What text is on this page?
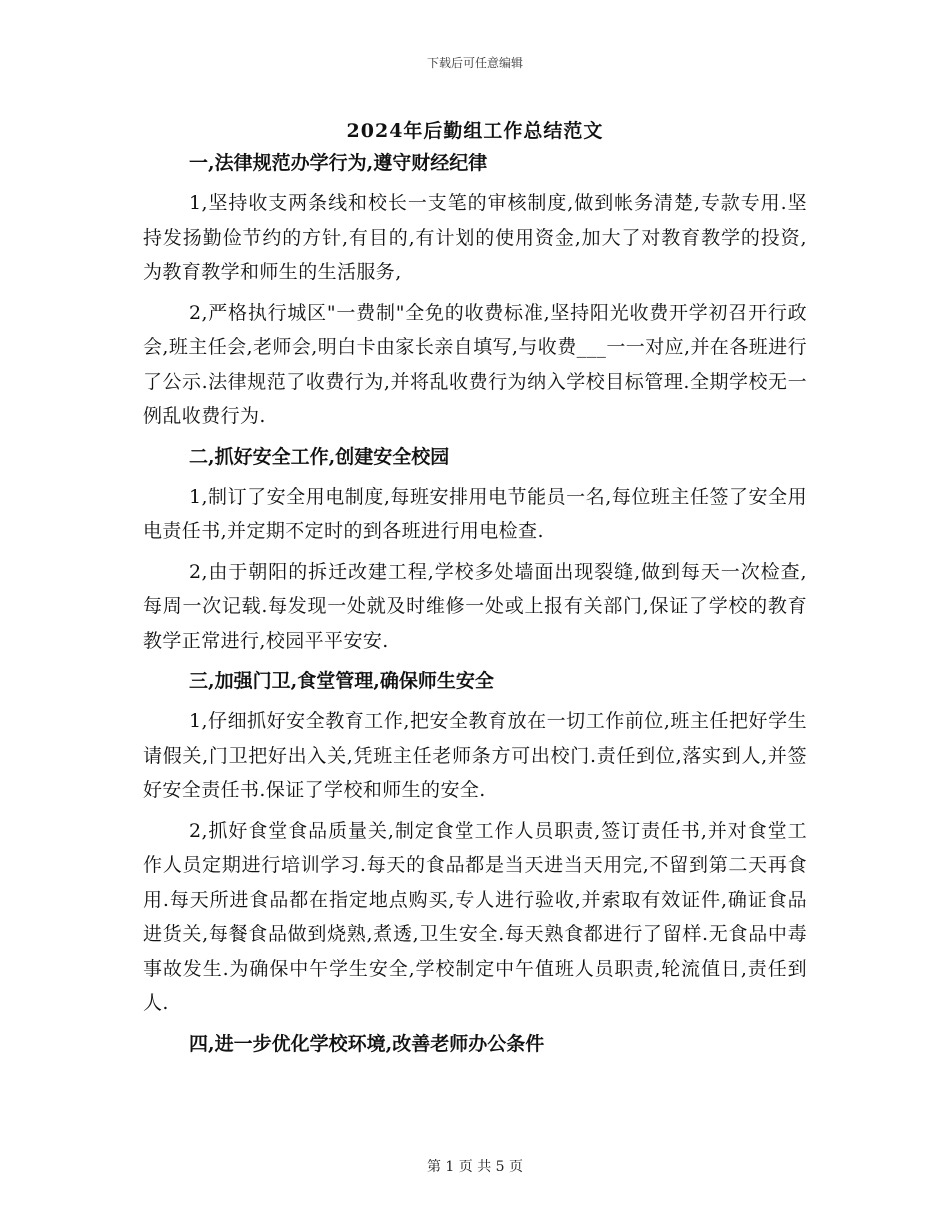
下载后可任意编辑
2024年后勤组工作总结范文
一,法律规范办学行为,遵守财经纪律

1,坚持收支两条线和校长一支笔的审核制度,做到帐务清楚,专款专用.坚持发扬勤俭节约的方针,有目的,有计划的使用资金,加大了对教育教学的投资,为教育教学和师生的生活服务,

2,严格执行城区"一费制"全免的收费标准,坚持阳光收费开学初召开行政会,班主任会,老师会,明白卡由家长亲自填写,与收费___一一对应,并在各班进行了公示.法律规范了收费行为,并将乱收费行为纳入学校目标管理.全期学校无一例乱收费行为.

二,抓好安全工作,创建安全校园

1,制订了安全用电制度,每班安排用电节能员一名,每位班主任签了安全用电责任书,并定期不定时的到各班进行用电检查.

2,由于朝阳的拆迁改建工程,学校多处墙面出现裂缝,做到每天一次检查,每周一次记载.每发现一处就及时维修一处或上报有关部门,保证了学校的教育教学正常进行,校园平平安安.

三,加强门卫,食堂管理,确保师生安全

1,仔细抓好安全教育工作,把安全教育放在一切工作前位,班主任把好学生请假关,门卫把好出入关,凭班主任老师条方可出校门.责任到位,落实到人,并签好安全责任书.保证了学校和师生的安全.

2,抓好食堂食品质量关,制定食堂工作人员职责,签订责任书,并对食堂工作人员定期进行培训学习.每天的食品都是当天进当天用完,不留到第二天再食用.每天所进食品都在指定地点购买,专人进行验收,并索取有效证件,确证食品进货关,每餐食品做到烧熟,煮透,卫生安全.每天熟食都进行了留样.无食品中毒事故发生.为确保中午学生安全,学校制定中午值班人员职责,轮流值日,责任到人.

四,进一步优化学校环境,改善老师办公条件
第 1 页 共 5 页
